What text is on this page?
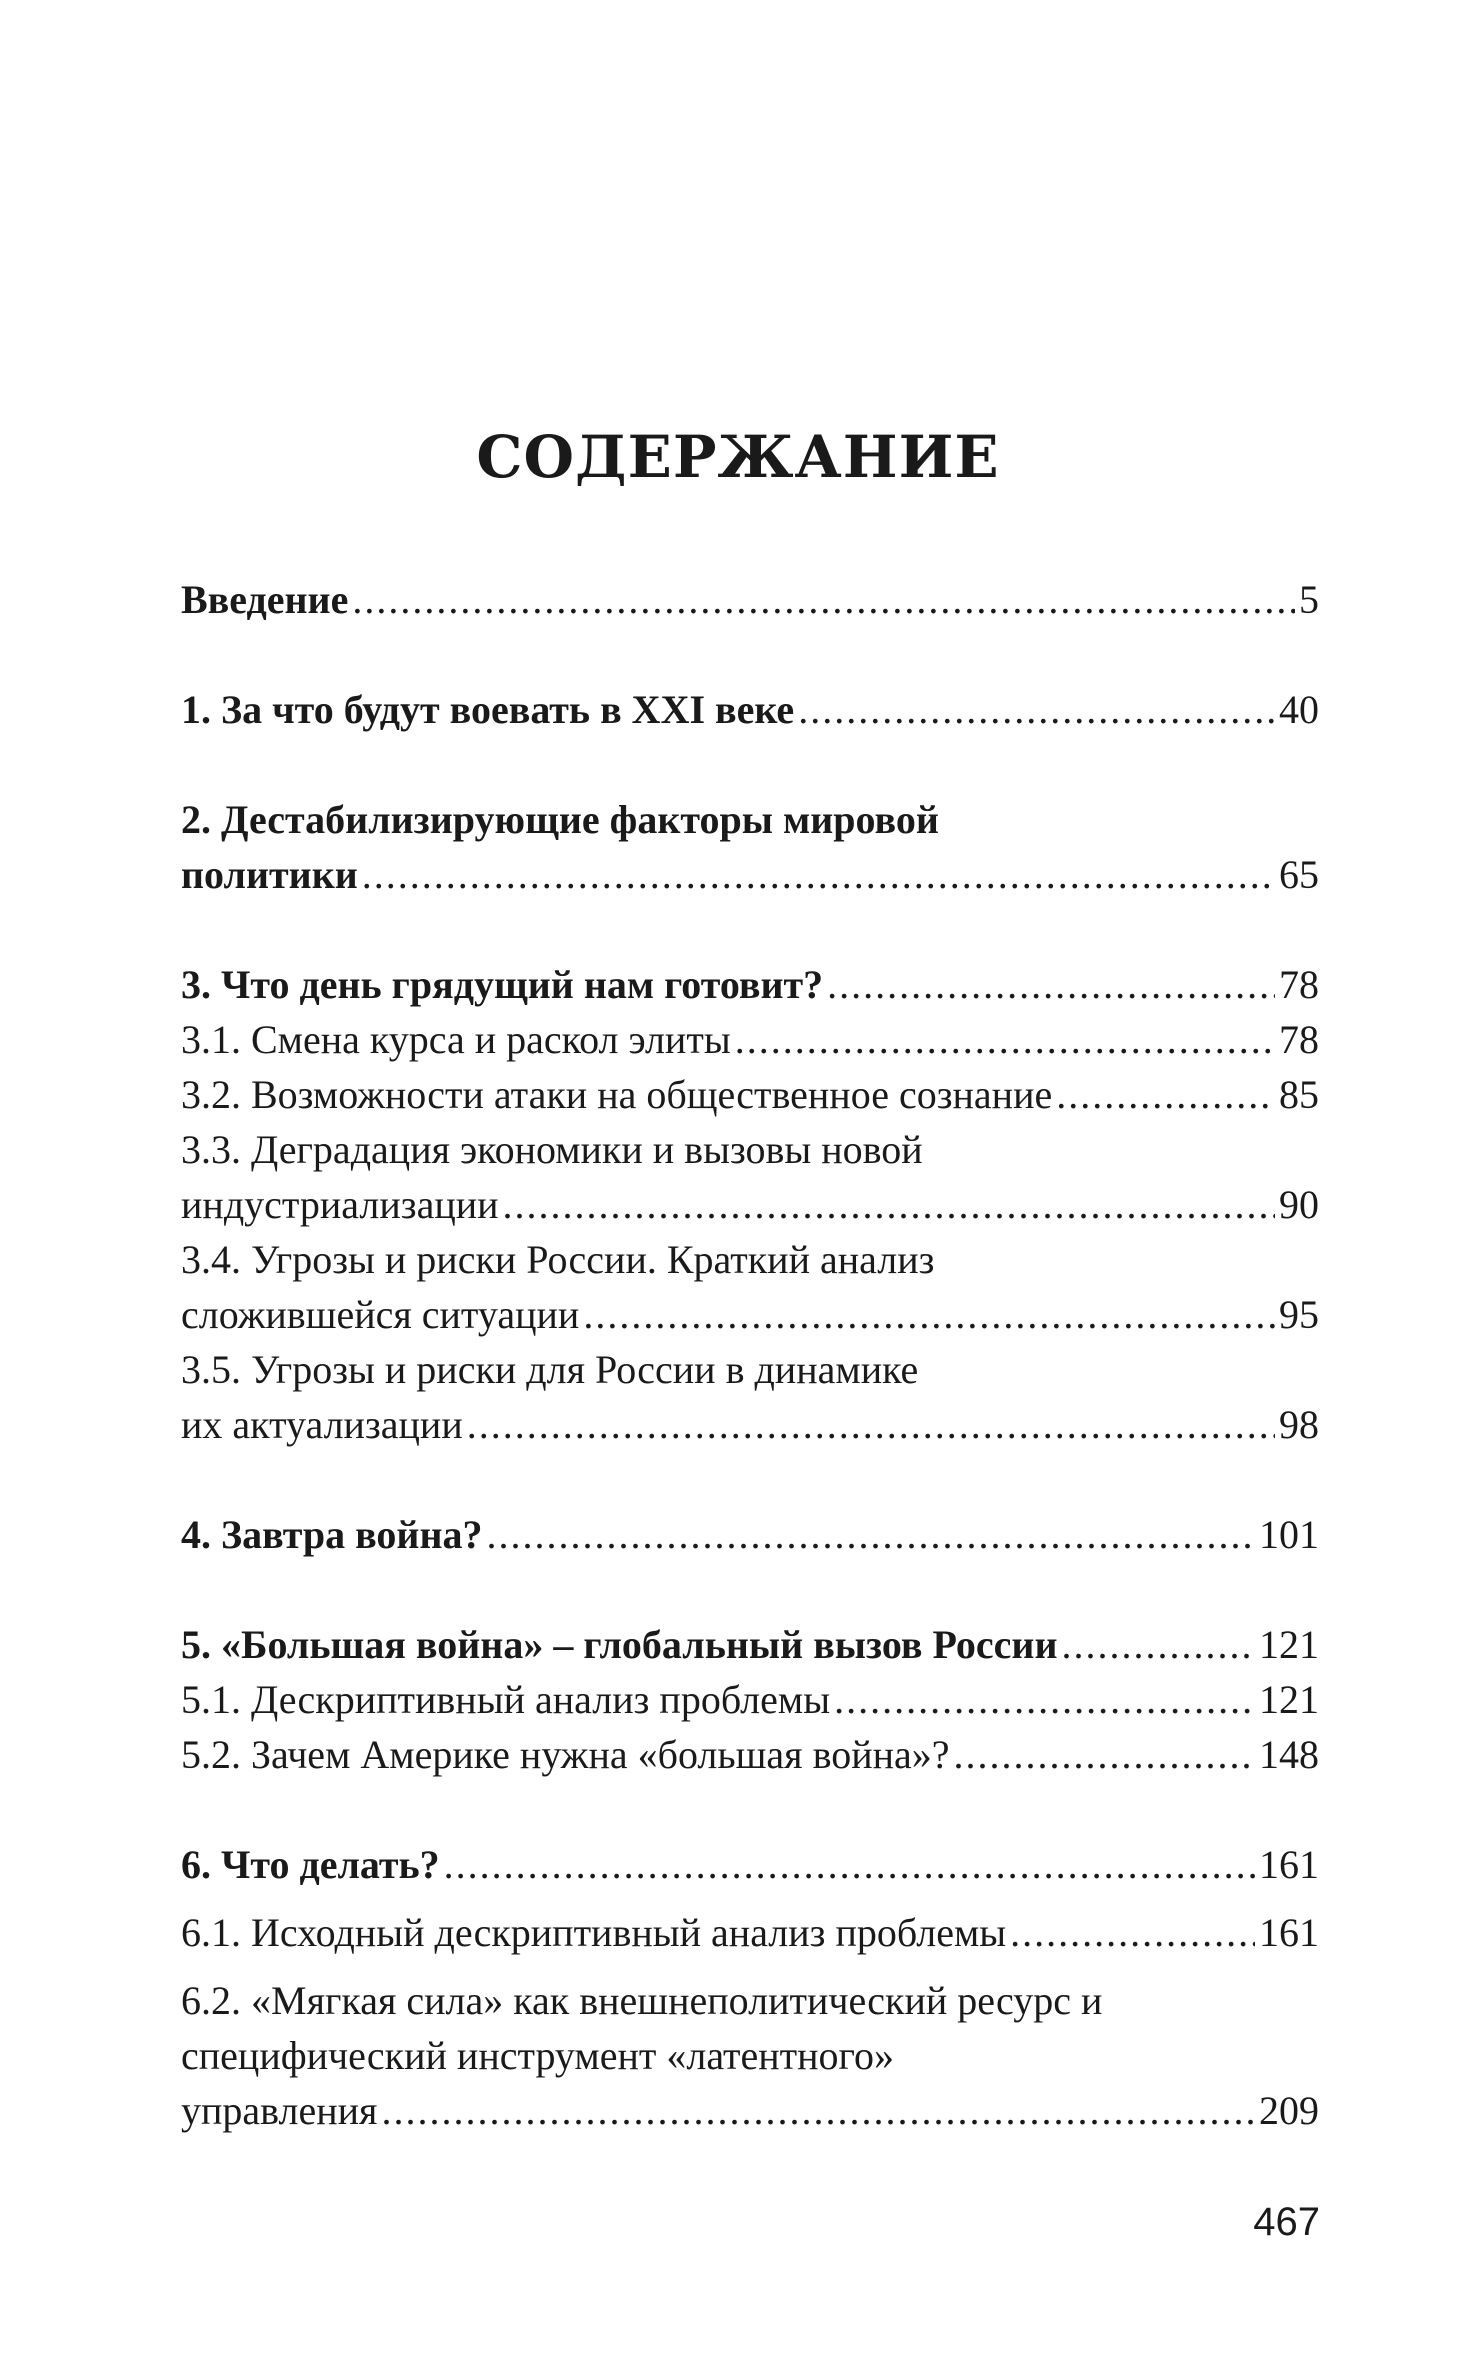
СОДЕРЖАНИЕ
Введение .....	5
1. За что будут воевать в XXI веке .....	40
2. Дестабилизирующие факторы мировой
политики .....	65
3. Что день грядущий нам готовит? .....	78
3.1. Смена курса и раскол элиты .....	78
3.2. Возможности атаки на общественное сознание .....	85
3.3. Деградация экономики и вызовы новой
индустриализации .....	90
3.4. Угрозы и риски России. Краткий анализ
сложившейся ситуации .....	95
3.5. Угрозы и риски для России в динамике
их актуализации .....	98
4. Завтра война? .....	101
5. «Большая война» – глобальный вызов России .....	121
5.1. Дескриптивный анализ проблемы .....	121
5.2. Зачем Америке нужна «большая война»? .....	148
6. Что делать? .....	161
6.1. Исходный дескриптивный анализ проблемы .....	161
6.2. «Мягкая сила» как внешнеполитический ресурс и специфический инструмент «латентного»
управления .....	209
467
